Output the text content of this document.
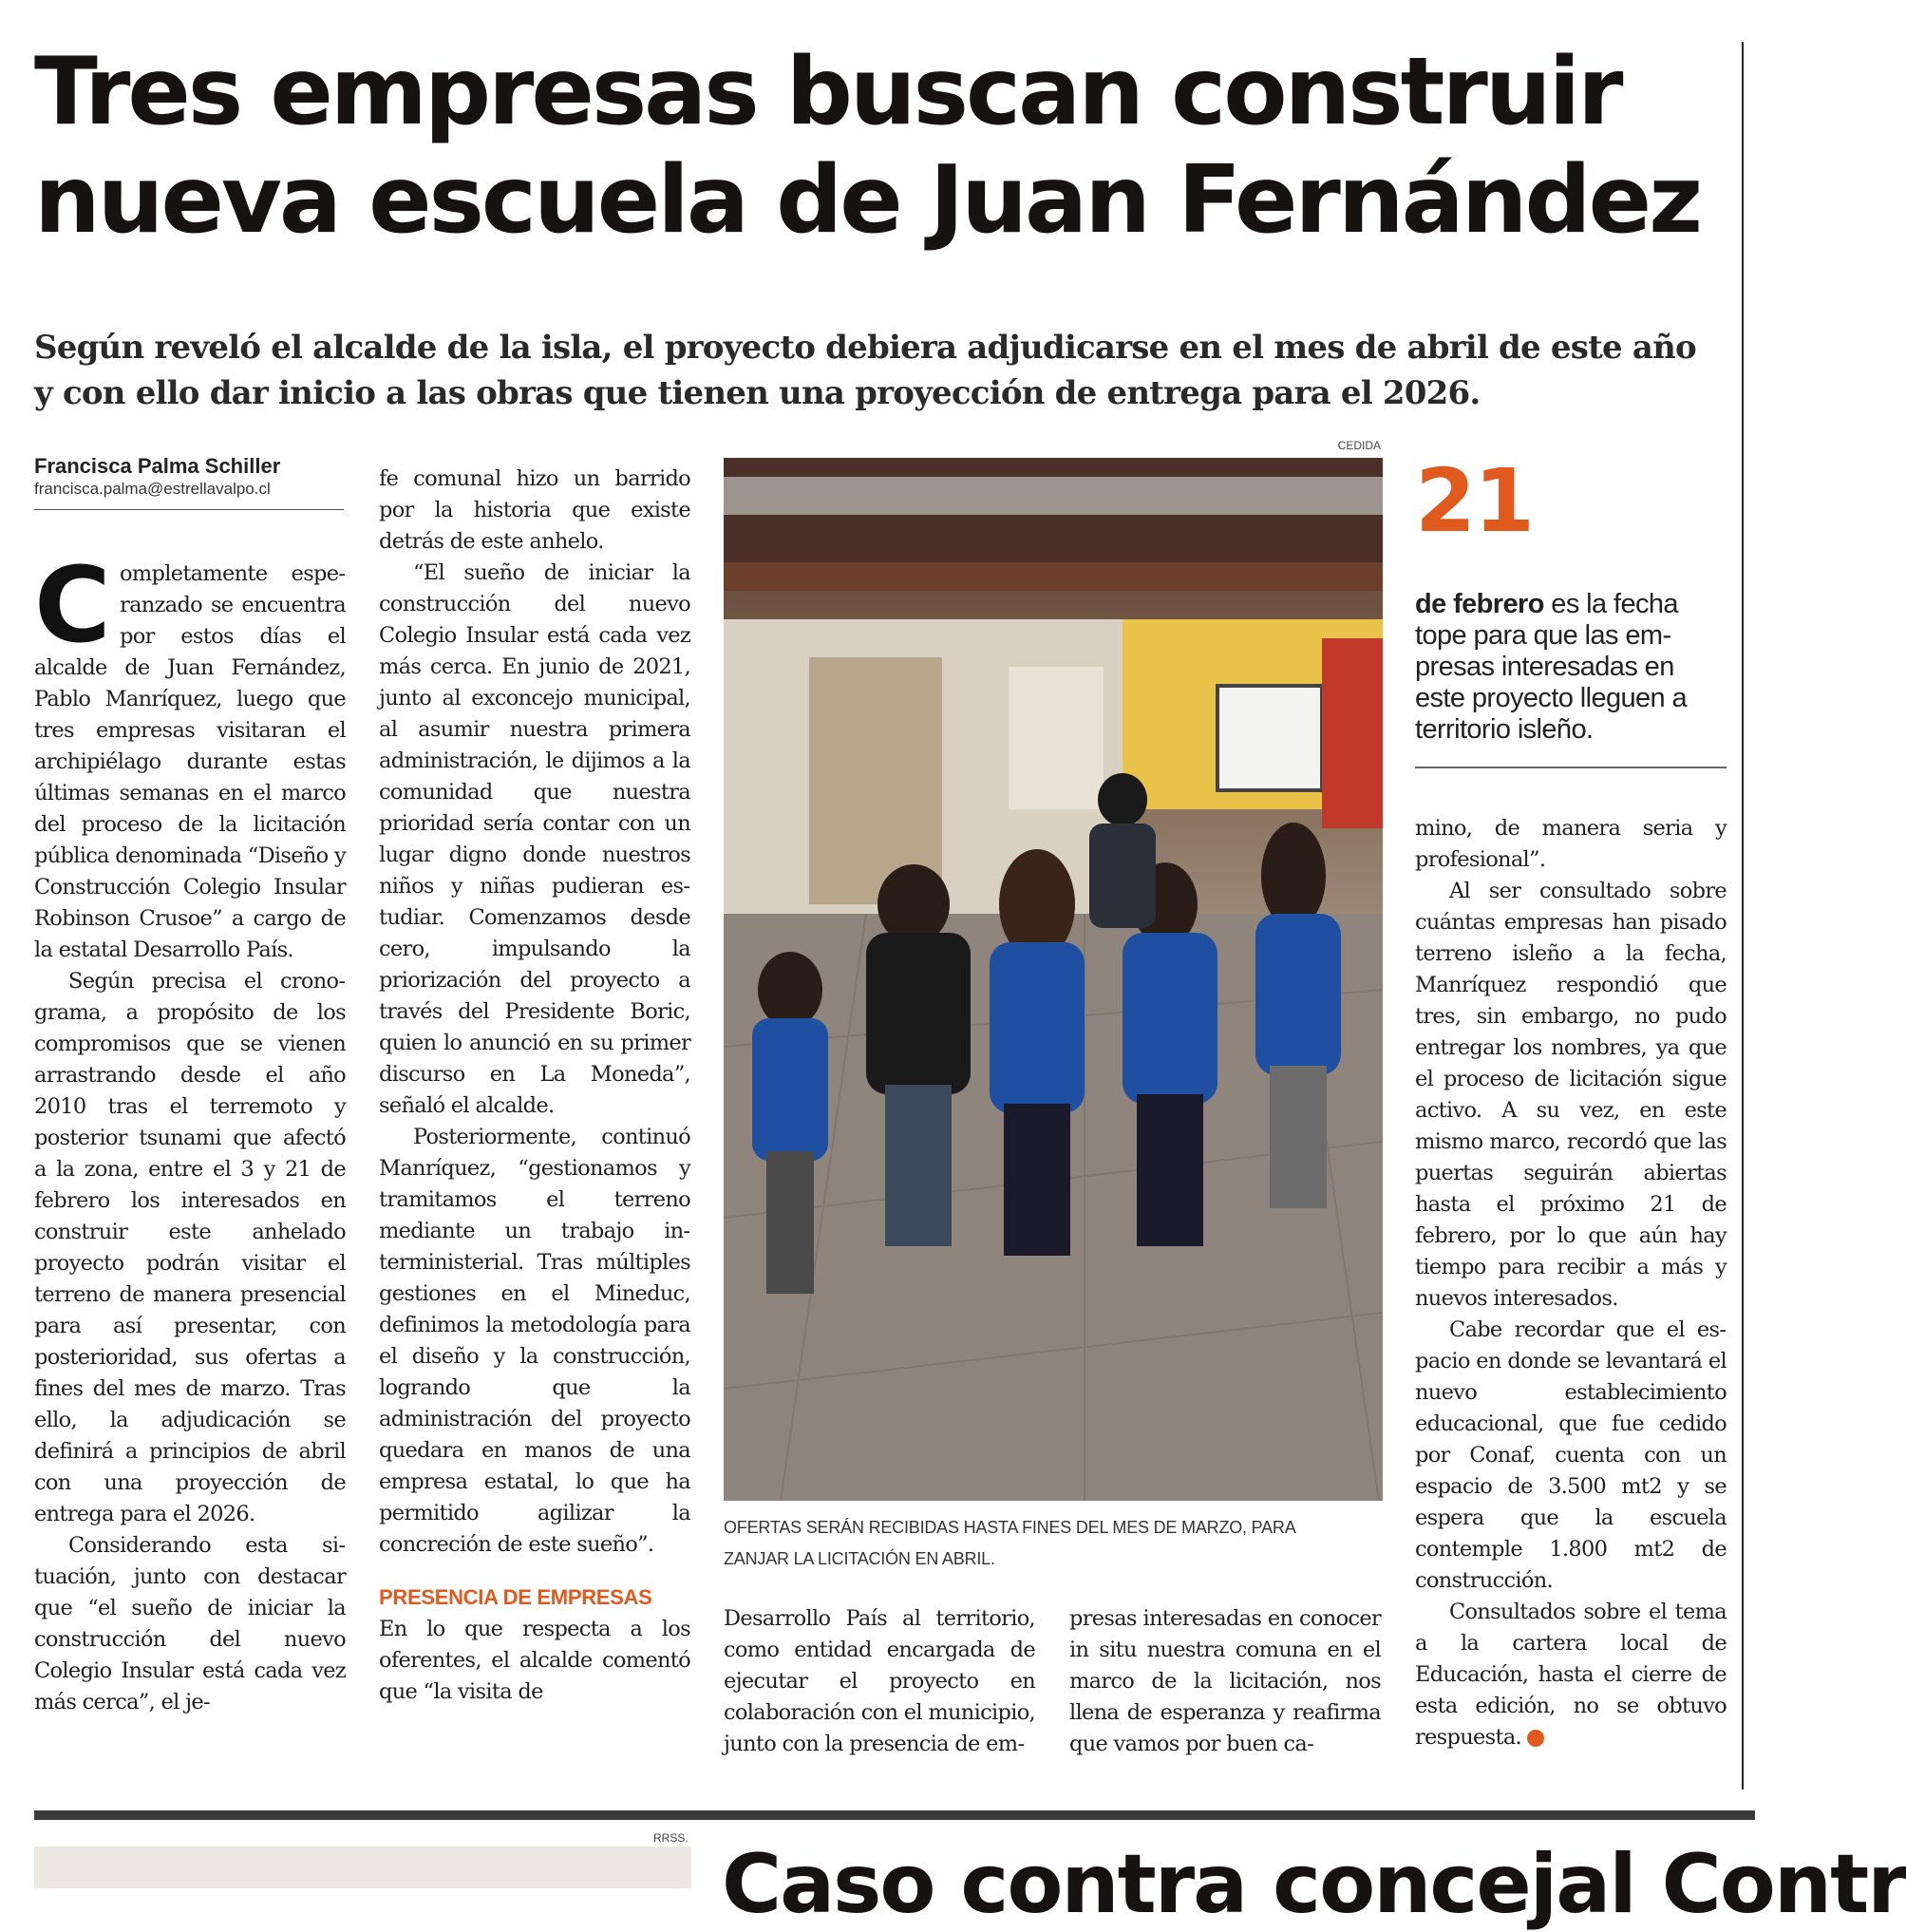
Tres empresas buscan construir
nueva escuela de Juan Fernández
Según reveló el alcalde de la isla, el proyecto debiera adjudicarse en el mes de abril de este año
y con ello dar inicio a las obras que tienen una proyección de entrega para el 2026.
Francisca Palma Schiller
francisca.palma@estrellavalpo.cl

Completamente esperanzado se encuentra por estos días el alcalde de Juan Fernández, Pablo Manríquez, luego que tres empresas visitaran el archipiélago durante estas últimas semanas en el marco del proceso de la licitación pública denominada “Diseño y Construcción Colegio Insular Robinson Crusoe” a cargo de la estatal Desarrollo País.

Según precisa el cronograma, a propósito de los compromisos que se vienen arrastrando desde el año 2010 tras el terremoto y posterior tsunami que afectó a la zona, entre el 3 y 21 de febrero los interesados en construir este anhelado proyecto podrán visitar el terreno de manera presencial para así presentar, con posterioridad, sus ofertas a fines del mes de marzo. Tras ello, la adjudicación se definirá a principios de abril con una proyección de entrega para el 2026.

Considerando esta situación, junto con destacar que “el sueño de iniciar la construcción del nuevo Colegio Insular está cada vez más cerca”, el je-

fe comunal hizo un barrido por la historia que existe detrás de este anhelo.

“El sueño de iniciar la construcción del nuevo Colegio Insular está cada vez más cerca. En junio de 2021, junto al exconcejo municipal, al asumir nuestra primera administración, le dijimos a la comunidad que nuestra prioridad sería contar con un lugar digno donde nuestros niños y niñas pudieran estudiar. Comenzamos desde cero, impulsando la priorización del proyecto a través del Presidente Boric, quien lo anunció en su primer discurso en La Moneda”, señaló el alcalde.

Posteriormente, continuó Manríquez, “gestionamos y tramitamos el terreno mediante un trabajo interministerial. Tras múltiples gestiones en el Mineduc, definimos la metodología para el diseño y la construcción, logrando que la administración del proyecto quedara en manos de una empresa estatal, lo que ha permitido agilizar la concreción de este sueño”.

PRESENCIA DE EMPRESAS

En lo que respecta a los oferentes, el alcalde comentó que “la visita de

CEDIDA
OFERTAS SERÁN RECIBIDAS HASTA FINES DEL MES DE MARZO, PARA
ZANJAR LA LICITACIÓN EN ABRIL.

Desarrollo País al territorio, como entidad encargada de ejecutar el proyecto en colaboración con el municipio, junto con la presencia de em-

presas interesadas en conocer in situ nuestra comuna en el marco de la licitación, nos llena de esperanza y reafirma que vamos por buen ca-

21
de febrero es la fecha tope para que las empresas interesadas en este proyecto lleguen a territorio isleño.

mino, de manera seria y profesional”.

Al ser consultado sobre cuántas empresas han pisado terreno isleño a la fecha, Manríquez respondió que tres, sin embargo, no pudo entregar los nombres, ya que el proceso de licitación sigue activo. A su vez, en este mismo marco, recordó que las puertas seguirán abiertas hasta el próximo 21 de febrero, por lo que aún hay tiempo para recibir a más y nuevos interesados.

Cabe recordar que el espacio en donde se levantará el nuevo establecimiento educacional, que fue cedido por Conaf, cuenta con un espacio de 3.500 mt2 y se espera que la escuela contemple 1.800 mt2 de construcción.

Consultados sobre el tema a la cartera local de Educación, hasta el cierre de esta edición, no se obtuvo respuesta.	✪

RRSS. Caso contra concejal Contr
